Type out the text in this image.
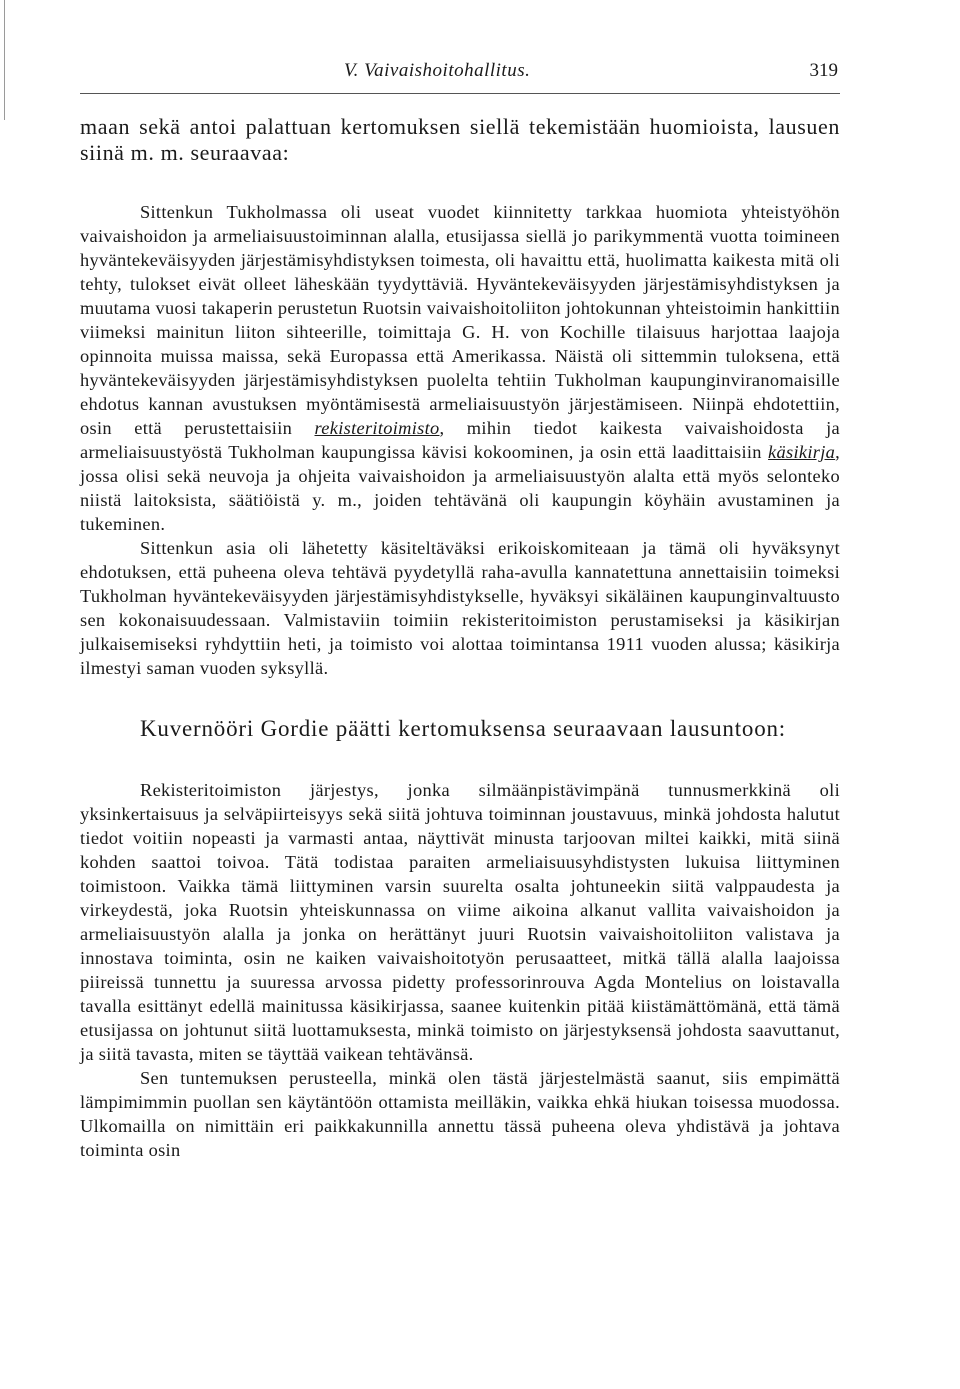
V. Vaivaishoitohallitus.	319

maan sekä antoi palattuan kertomuksen siellä tekemistään huomioista, lausuen siinä m. m. seuraavaa:

Sittenkun Tukholmassa oli useat vuodet kiinnitetty tarkkaa huomiota yhteistyöhön vaivaishoidon ja armeliaisuustoiminnan alalla, etusijassa siellä jo parikymmentä vuotta toimineen hyväntekeväisyyden järjestämisyhdistyksen toimesta, oli havaittu että, huolimatta kaikesta mitä oli tehty, tulokset eivät olleet läheskään tyydyttäviä. Hyväntekeväisyyden järjestämisyhdistyksen ja muutama vuosi takaperin perustetun Ruotsin vaivaishoitoliiton johtokunnan yhteistoimin hankittiin viimeksi mainitun liiton sihteerille, toimittaja G. H. von Kochille tilaisuus harjottaa laajoja opinnoita muissa maissa, sekä Europassa että Amerikassa. Näistä oli sittemmin tuloksena, että hyväntekeväisyyden järjestämisyhdistyksen puolelta tehtiin Tukholman kaupunginviranomaisille ehdotus kannan avustuksen myöntämisestä armeliaisuustyön järjestämiseen. Niinpä ehdotettiin, osin että perustettaisiin rekisteritoimisto, mihin tiedot kaikesta vaivaishoidosta ja armeliaisuustyöstä Tukholman kaupungissa kävisi kokoominen, ja osin että laadittaisiin käsikirja, jossa olisi sekä neuvoja ja ohjeita vaivaishoidon ja armeliaisuustyön alalta että myös selonteko niistä laitoksista, säätiöistä y. m., joiden tehtävänä oli kaupungin köyhäin avustaminen ja tukeminen.

Sittenkun asia oli lähetetty käsiteltäväksi erikoiskomiteaan ja tämä oli hyväksynyt ehdotuksen, että puheena oleva tehtävä pyydetyllä raha-avulla kannatettuna annettaisiin toimeksi Tukholman hyväntekeväisyyden järjestämisyhdistykselle, hyväksyi sikäläinen kaupunginvaltuusto sen kokonaisuudessaan. Valmistaviin toimiin rekisteritoimiston perustamiseksi ja käsikirjan julkaisemiseksi ryhdyttiin heti, ja toimisto voi alottaa toimintansa 1911 vuoden alussa; käsikirja ilmestyi saman vuoden syksyllä.

Kuvernööri Gordie päätti kertomuksensa seuraavaan lausuntoon:

Rekisteritoimiston järjestys, jonka silmäänpistävimpänä tunnusmerkkinä oli yksinkertaisuus ja selväpiirteisyys sekä siitä johtuva toiminnan joustavuus, minkä johdosta halutut tiedot voitiin nopeasti ja varmasti antaa, näyttivät minusta tarjoovan miltei kaikki, mitä siinä kohden saattoi toivoa. Tätä todistaa paraiten armeliaisuusyhdistysten lukuisa liittyminen toimistoon. Vaikka tämä liittyminen varsin suurelta osalta johtuneekin siitä valppaudesta ja virkeydestä, joka Ruotsin yhteiskunnassa on viime aikoina alkanut vallita vaivaishoidon ja armeliaisuustyön alalla ja jonka on herättänyt juuri Ruotsin vaivaishoitoliiton valistava ja innostava toiminta, osin ne kaiken vaivaishoitotyön perusaatteet, mitkä tällä alalla laajoissa piireissä tunnettu ja suuressa arvossa pidetty professorinrouva Agda Montelius on loistavalla tavalla esittänyt edellä mainitussa käsikirjassa, saanee kuitenkin pitää kiistämättömänä, että tämä etusijassa on johtunut siitä luottamuksesta, minkä toimisto on järjestyksensä johdosta saavuttanut, ja siitä tavasta, miten se täyttää vaikean tehtävänsä.

Sen tuntemuksen perusteella, minkä olen tästä järjestelmästä saanut, siis empimättä lämpimimmin puollan sen käytäntöön ottamista meilläkin, vaikka ehkä hiukan toisessa muodossa. Ulkomailla on nimittäin eri paikkakunnilla annettu tässä puheena oleva yhdistävä ja johtava toiminta osin
